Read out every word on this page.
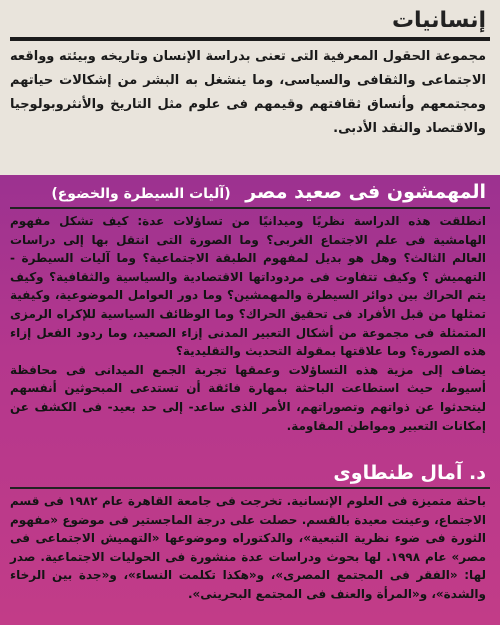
إنسانيات

مجموعة الحقول المعرفية التى تعنى بدراسة الإنسان وتاريخه وبيئته وواقعه الاجتماعى والثقافى والسياسى، وما ينشغل به البشر من إشكالات حياتهم ومجتمعهم وأنساق ثقافتهم وقيمهم فى علوم مثل التاريخ والأنثروبولوجيا والاقتصاد والنقد الأدبى.

المهمشون فى صعيد مصر (آليات السيطرة والخضوع)

انطلقت هذه الدراسة نظريًا وميدانيًا من تساؤلات عدة: كيف تشكل مفهوم الهامشية فى علم الاجتماع الغربى؟ وما الصورة التى انتقل بها إلى دراسات العالم الثالث؟ وهل هو بديل لمفهوم الطبقة الاجتماعية؟ وما آليات السيطرة - التهميش ؟ وكيف تتفاوت فى مردوداتها الاقتصادية والسياسية والثقافية؟ وكيف يتم الحراك بين دوائر السيطرة والمهمشين؟ وما دور العوامل الموضوعية، وكيفية تمثلها من قبل الأفراد فى تحقيق الحراك؟ وما الوظائف السياسية للإكراه الرمزى المتمثلة فى مجموعة من أشكال التعبير المدنى إزاء الصعيد، وما ردود الفعل إزاء هذه الصورة؟ وما علاقتها بمقولة التحديث والتقليدية؟

يضاف إلى مزية هذه التساؤلات وعمقها تجربة الجمع الميدانى فى محافظة أسيوط، حيث استطاعت الباحثة بمهارة فائقة أن تستدعى المبحوثين أنفسهم ليتحدثوا عن ذواتهم وتصوراتهم، الأمر الذى ساعد- إلى حد بعيد- فى الكشف عن إمكانات التعبير ومواطن المقاومة.

د. آمال طنطاوى

باحثة متميزة فى العلوم الإنسانية. تخرجت فى جامعة القاهرة عام ١٩٨٢ فى قسم الاجتماع، وعينت معيدة بالقسم. حصلت على درجة الماجستير فى موضوع «مفهوم الثورة فى ضوء نظرية التبعية»، والدكتوراه وموضوعها «التهميش الاجتماعى فى مصر» عام ١٩٩٨. لها بحوث ودراسات عدة منشورة فى الحوليات الاجتماعية. صدر لها: «الفقر فى المجتمع المصرى»، و«هكذا تكلمت النساء»، و«جدة بين الرخاء والشدة»، و«المرأة والعنف فى المجتمع البحرينى».
